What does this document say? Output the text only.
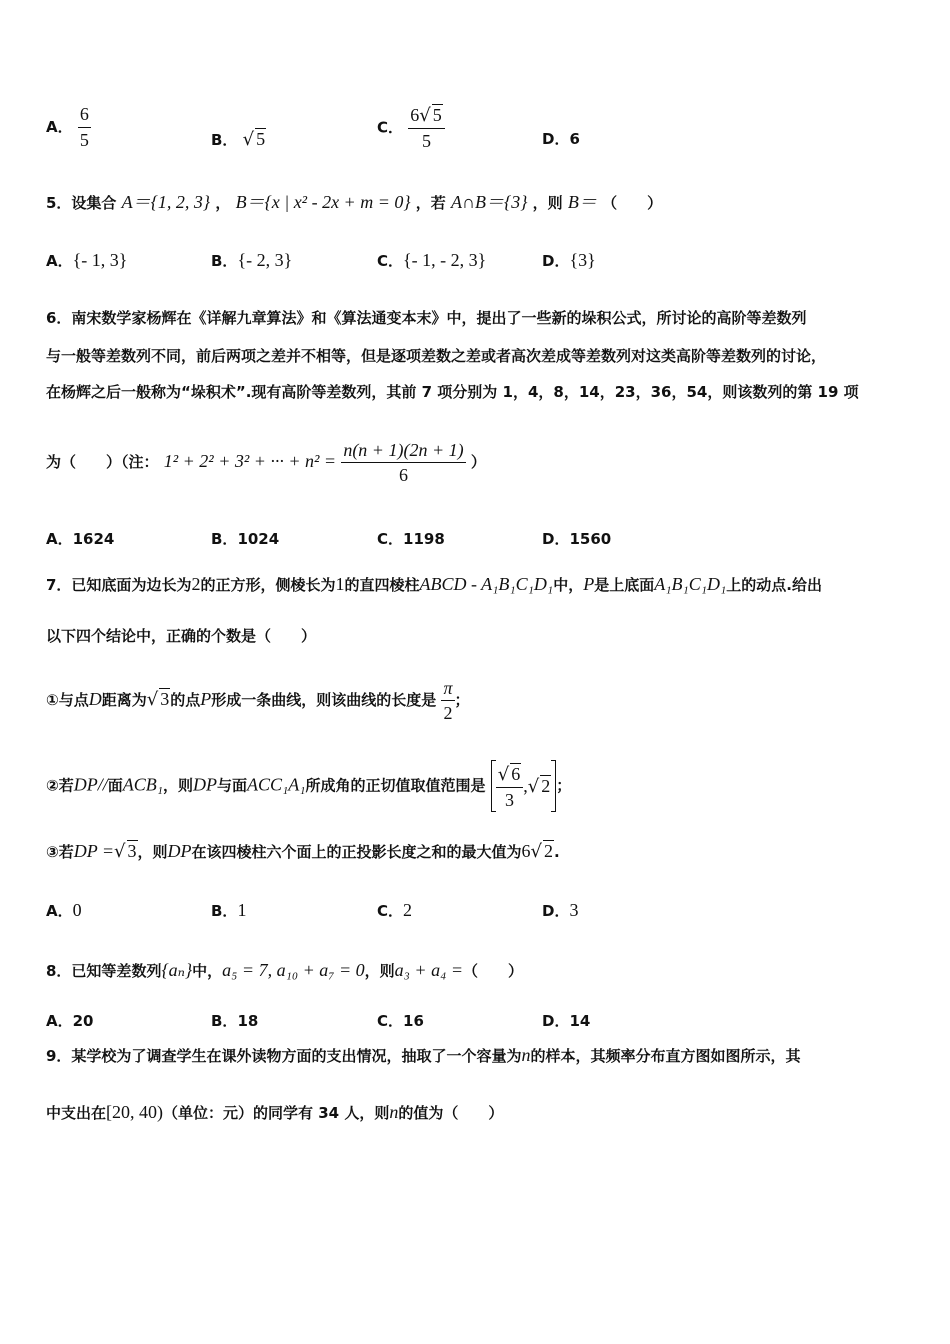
A． $\frac{6}{5}$	B． √ 5
C． $\frac{6√ 5}{5}$	D．6
5．设集合 A＝{1, 2, 3} ， B＝{x | x² - 2x + m = 0} ，若 A∩B＝{3} ，则 B＝ （　　）
A．{- 1, 3}	B．{- 2, 3}	C．{- 1, - 2, 3}	D．{3}
6．南宋数学家杨辉在《详解九章算法》和《算法通变本末》中，提出了一些新的垛积公式，所讨论的高阶等差数列
与一般等差数列不同，前后两项之差并不相等，但是逐项差数之差或者高次差成等差数列对这类高阶等差数列的讨论，
在杨辉之后一般称为“垛积术”.现有高阶等差数列，其前 7 项分别为 1，4，8，14，23，36，54，则该数列的第 19 项
为（　　）（注： 1² + 2² + 3² + ··· + $n^2 = \frac{n(n + 1)(2n + 1)}{6}$ ）
A．1624	B．1024	C．1198	D．1560
7．已知底面为边长为2的正方形，侧棱长为1的直四棱柱ABCD - A₁B₁C₁D₁中，P是上底面A₁B₁C₁D₁上的动点.给出
以下四个结论中，正确的个数是（　　）
①与点D距离为√ 3的点P形成一条曲线，则该曲线的长度是 $\frac{\pi}{2}$ ；
②若DP//面ACB₁，则DP与面ACC₁A₁所成角的正切值取值范围是
√ 6
3
, √ 2 ；
③若DP =√ 3，则DP在该四棱柱六个面上的正投影长度之和的最大值为6√ 2.
A．0	B．1	C．2	D．3
8．已知等差数列{aₙ}中，a₅ = 7, a₁₀ + a₇ = 0，则a₃ + a₄ =（　　）
A．20	B．18	C．16	D．14
9．某学校为了调查学生在课外读物方面的支出情况，抽取了一个容量为n的样本，其频率分布直方图如图所示，其
中支出在[20, 40)（单位：元）的同学有 34 人，则n的值为（　　）
